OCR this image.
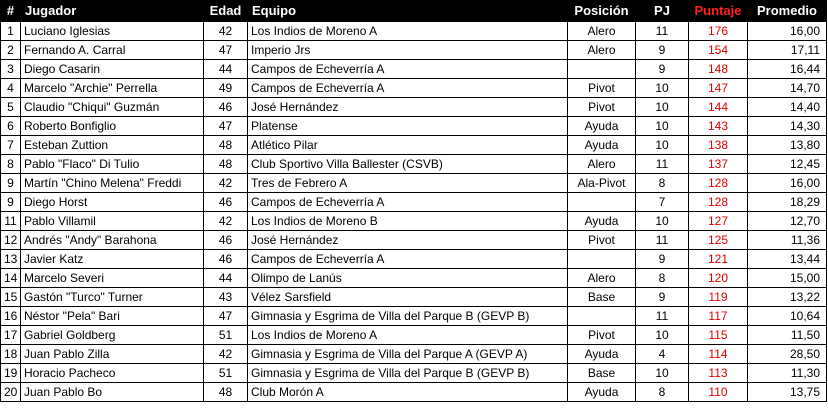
#	Jugador	Edad	Equipo	Posición	PJ	Puntaje	Promedio
1	Luciano Iglesias	42	Los Indios de Moreno A	Alero	11	176	16,00
2	Fernando A. Carral	47	Imperio Jrs	Alero	9	154	17,11
3	Diego Casarin	44	Campos de Echeverría A		9	148	16,44
4	Marcelo "Archie" Perrella	49	Campos de Echeverría A	Pivot	10	147	14,70
5	Claudio "Chiqui" Guzmán	46	José Hernández	Pivot	10	144	14,40
6	Roberto Bonfiglio	47	Platense	Ayuda	10	143	14,30
7	Esteban Zuttion	48	Atlético Pilar	Ayuda	10	138	13,80
8	Pablo "Flaco" Di Tulio	48	Club Sportivo Villa Ballester (CSVB)	Alero	11	137	12,45
9	Martín "Chino Melena" Freddi	42	Tres de Febrero A	Ala-Pivot	8	128	16,00
9	Diego Horst	46	Campos de Echeverría A		7	128	18,29
11	Pablo Villamil	42	Los Indios de Moreno B	Ayuda	10	127	12,70
12	Andrés "Andy" Barahona	46	José Hernández	Pivot	11	125	11,36
13	Javier Katz	46	Campos de Echeverría A		9	121	13,44
14	Marcelo Severi	44	Olimpo de Lanús	Alero	8	120	15,00
15	Gastón "Turco" Turner	43	Vélez Sarsfield	Base	9	119	13,22
16	Néstor "Pela" Bari	47	Gimnasia y Esgrima de Villa del Parque B (GEVP B)		11	117	10,64
17	Gabriel Goldberg	51	Los Indios de Moreno A	Pivot	10	115	11,50
18	Juan Pablo Zilla	42	Gimnasia y Esgrima de Villa del Parque A (GEVP A)	Ayuda	4	114	28,50
19	Horacio Pacheco	51	Gimnasia y Esgrima de Villa del Parque B (GEVP B)	Base	10	113	11,30
20	Juan Pablo Bo	48	Club Morón A	Ayuda	8	110	13,75
